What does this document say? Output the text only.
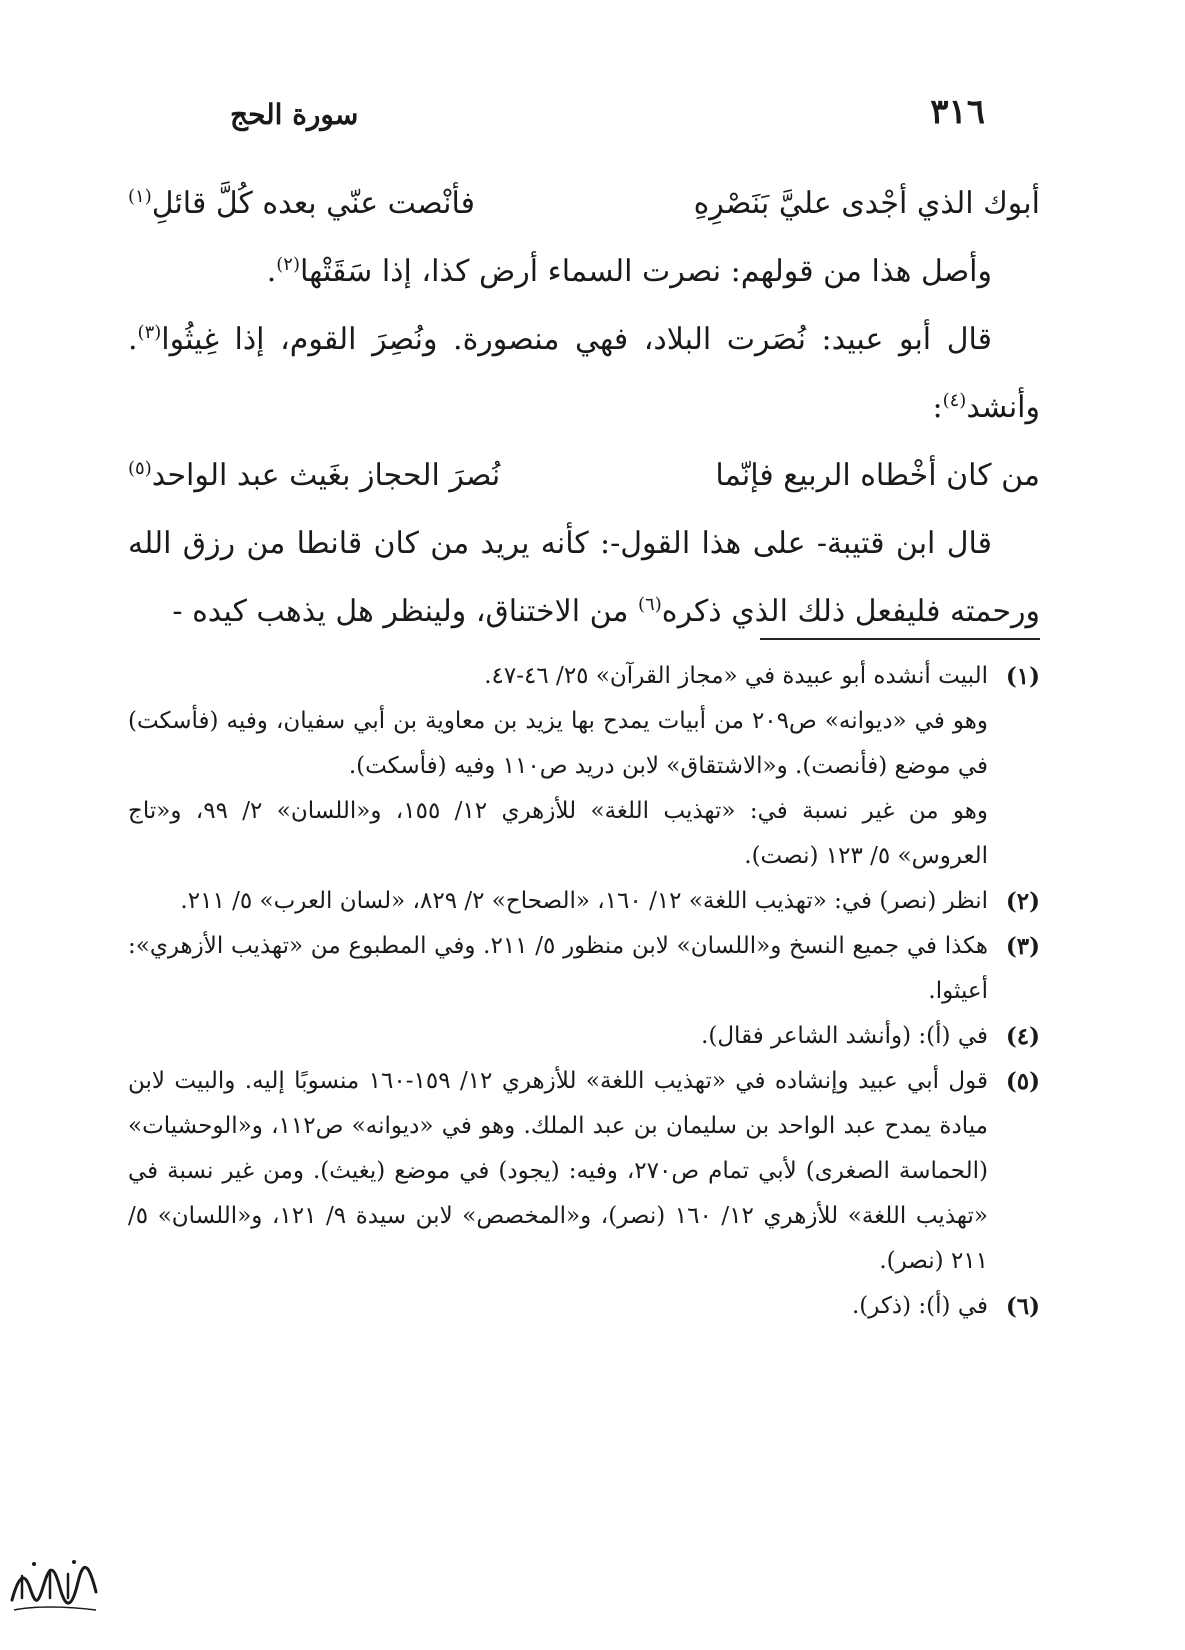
٣١٦
سورة الحج
أبوك الذي أجْدى عليَّ بَنَصْرِهِ
فأنْصت عنّي بعده كُلَّ قائلِ$^{(١)}$

وأصل هذا من قولهم: نصرت السماء أرض كذا، إذا سَقَتْها$^{(٢)}$.

قال أبو عبيد: نُصَرت البلاد، فهي منصورة. ونُصِرَ القوم، إذا غِيثُوا$^{(٣)}$. وأنشد$^{(٤)}$:

من كان أخْطاه الربيع فإنّما
نُصرَ الحجاز بغَيث عبد الواحد$^{(٥)}$

قال ابن قتيبة- على هذا القول-: كأنه يريد من كان قانطا من رزق الله ورحمته فليفعل ذلك الذي ذكره$^{(٦)}$ من الاختناق، ولينظر هل يذهب كيده -

(١)

البيت أنشده أبو عبيدة في «مجاز القرآن» ٢٥/ ٤٦-٤٧.

وهو في «ديوانه» ص٢٠٩ من أبيات يمدح بها يزيد بن معاوية بن أبي سفيان، وفيه (فأسكت) في موضع (فأنصت). و«الاشتقاق» لابن دريد ص١١٠ وفيه (فأسكت).

وهو من غير نسبة في: «تهذيب اللغة» للأزهري ١٢/ ١٥٥، و«اللسان» ٢/ ٩٩، و«تاج العروس» ٥/ ١٢٣ (نصت).

(٢)

انظر (نصر) في: «تهذيب اللغة» ١٢/ ١٦٠، «الصحاح» ٢/ ٨٢٩، «لسان العرب» ٥/ ٢١١.

(٣)

هكذا في جميع النسخ و«اللسان» لابن منظور ٥/ ٢١١. وفي المطبوع من «تهذيب الأزهري»: أعيثوا.

(٤)

في (أ): (وأنشد الشاعر فقال).

(٥)

قول أبي عبيد وإنشاده في «تهذيب اللغة» للأزهري ١٢/ ١٥٩-١٦٠ منسوبًا إليه. والبيت لابن ميادة يمدح عبد الواحد بن سليمان بن عبد الملك. وهو في «ديوانه» ص١١٢، و«الوحشيات» (الحماسة الصغرى) لأبي تمام ص٢٧٠، وفيه: (يجود) في موضع (يغيث). ومن غير نسبة في «تهذيب اللغة» للأزهري ١٢/ ١٦٠ (نصر)، و«المخصص» لابن سيدة ٩/ ١٢١، و«اللسان» ٥/ ٢١١ (نصر).

(٦)

في (أ): (ذكر).
